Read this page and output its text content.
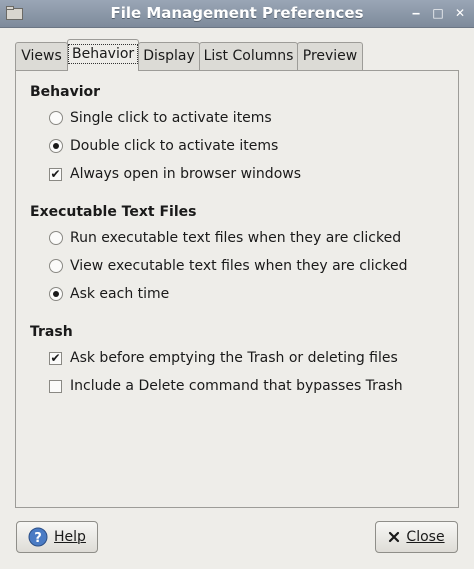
File Management Preferences	‒	□ ✕
Views Behavior Display List Columns Preview
Behavior
Single click to activate items
Double click to activate items
✔ Always open in browser windows
Executable Text Files
Run executable text files when they are clicked
View executable text files when they are clicked
Ask each time
Trash
✔ Ask before emptying the Trash or deleting files
Include a Delete command that bypasses Trash
? Help	Close
